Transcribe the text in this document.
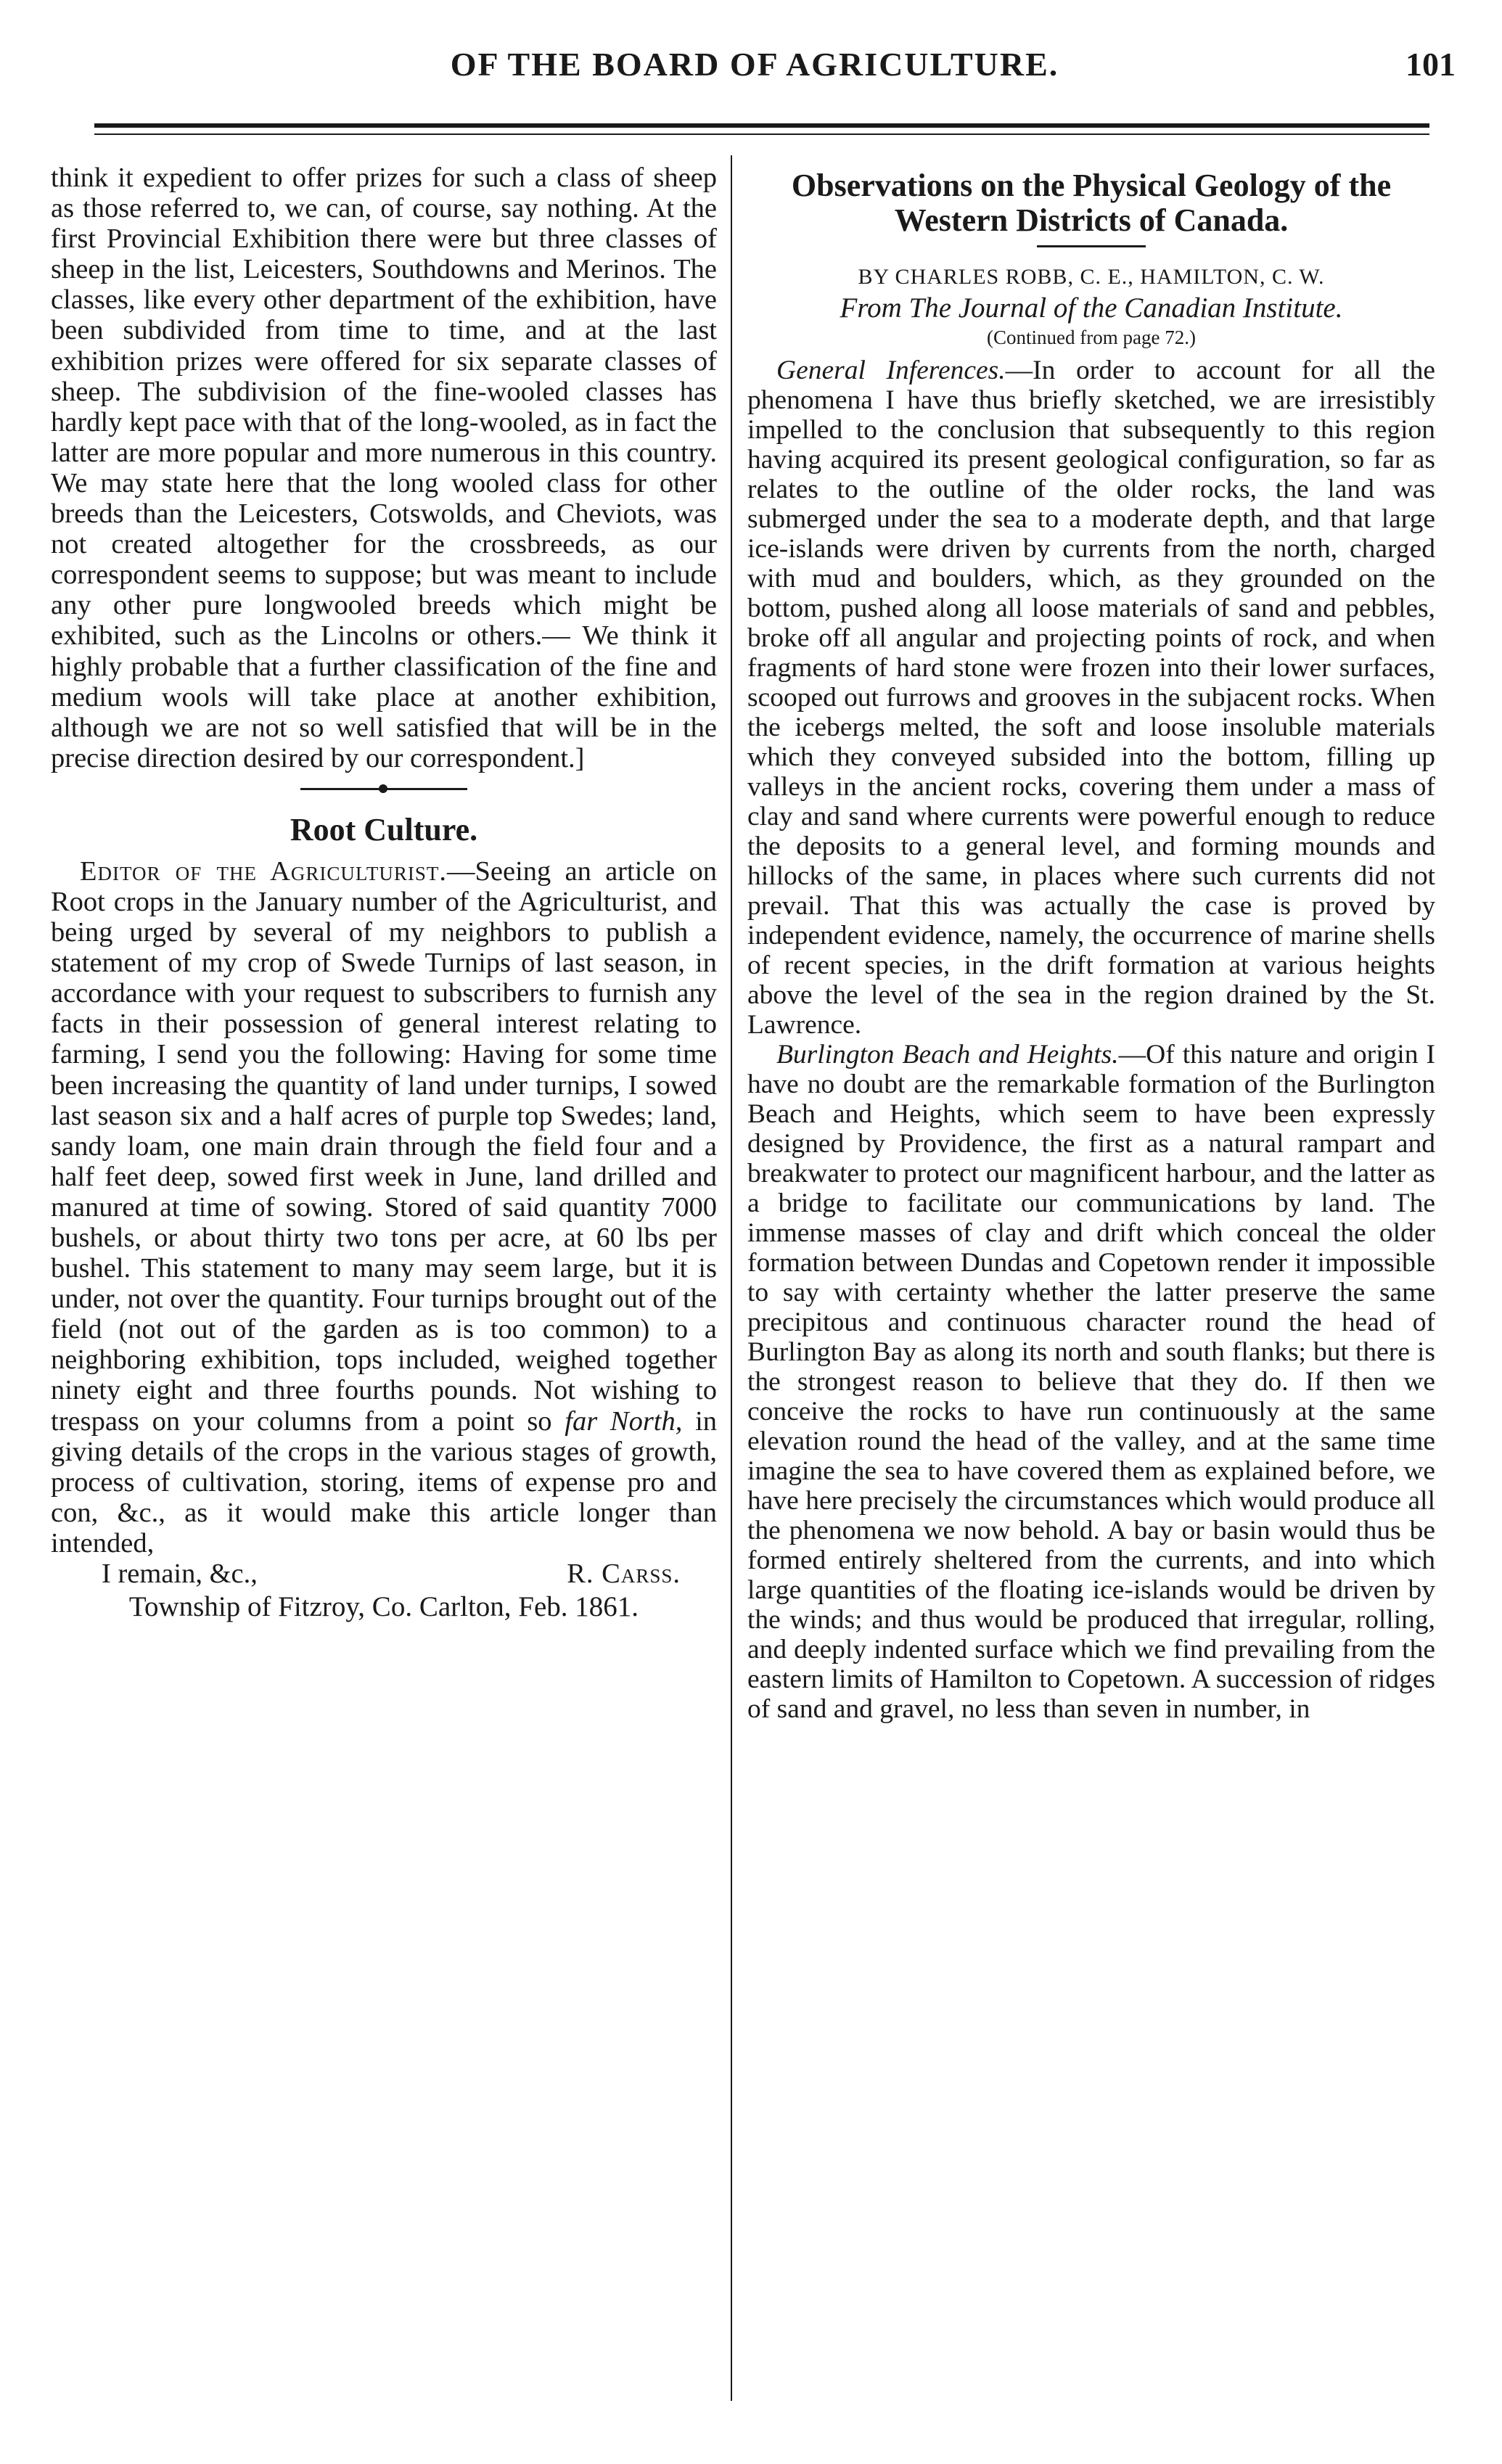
OF THE BOARD OF AGRICULTURE.	101

think it expedient to offer prizes for such a class of sheep as those referred to, we can, of course, say nothing. At the first Provincial Exhibition there were but three classes of sheep in the list, Leicesters, Southdowns and Merinos. The classes, like every other department of the exhibition, have been subdivided from time to time, and at the last exhibition prizes were offered for six separate classes of sheep. The subdivision of the fine-wooled classes has hardly kept pace with that of the long-wooled, as in fact the latter are more popular and more numerous in this country. We may state here that the long wooled class for other breeds than the Leicesters, Cotswolds, and Cheviots, was not created altogether for the crossbreeds, as our correspondent seems to suppose; but was meant to include any other pure longwooled breeds which might be exhibited, such as the Lincolns or others.— We think it highly probable that a further classification of the fine and medium wools will take place at another exhibition, although we are not so well satisfied that will be in the precise direction desired by our correspondent.]

Root Culture.

Editor of the Agriculturist.—Seeing an article on Root crops in the January number of the Agriculturist, and being urged by several of my neighbors to publish a statement of my crop of Swede Turnips of last season, in accordance with your request to subscribers to furnish any facts in their possession of general interest relating to farming, I send you the following: Having for some time been increasing the quantity of land under turnips, I sowed last season six and a half acres of purple top Swedes; land, sandy loam, one main drain through the field four and a half feet deep, sowed first week in June, land drilled and manured at time of sowing. Stored of said quantity 7000 bushels, or about thirty two tons per acre, at 60 lbs per bushel. This statement to many may seem large, but it is under, not over the quantity. Four turnips brought out of the field (not out of the garden as is too common) to a neighboring exhibition, tops included, weighed together ninety eight and three fourths pounds. Not wishing to trespass on your columns from a point so far North, in giving details of the crops in the various stages of growth, process of cultivation, storing, items of expense pro and con, &c., as it would make this article longer than intended,

I remain, &c.,	R. Carss.
Township of Fitzroy, Co. Carlton, Feb. 1861.
Observations on the Physical Geology of the Western Districts of Canada.
BY CHARLES ROBB, C. E., HAMILTON, C. W.
From The Journal of the Canadian Institute.
(Continued from page 72.)

General Inferences.—In order to account for all the phenomena I have thus briefly sketched, we are irresistibly impelled to the conclusion that subsequently to this region having acquired its present geological configuration, so far as relates to the outline of the older rocks, the land was submerged under the sea to a moderate depth, and that large ice-islands were driven by currents from the north, charged with mud and boulders, which, as they grounded on the bottom, pushed along all loose materials of sand and pebbles, broke off all angular and projecting points of rock, and when fragments of hard stone were frozen into their lower surfaces, scooped out furrows and grooves in the subjacent rocks. When the icebergs melted, the soft and loose insoluble materials which they conveyed subsided into the bottom, filling up valleys in the ancient rocks, covering them under a mass of clay and sand where currents were powerful enough to reduce the deposits to a general level, and forming mounds and hillocks of the same, in places where such currents did not prevail. That this was actually the case is proved by independent evidence, namely, the occurrence of marine shells of recent species, in the drift formation at various heights above the level of the sea in the region drained by the St. Lawrence.

Burlington Beach and Heights.—Of this nature and origin I have no doubt are the remarkable formation of the Burlington Beach and Heights, which seem to have been expressly designed by Providence, the first as a natural rampart and breakwater to protect our magnificent harbour, and the latter as a bridge to facilitate our communications by land. The immense masses of clay and drift which conceal the older formation between Dundas and Copetown render it impossible to say with certainty whether the latter preserve the same precipitous and continuous character round the head of Burlington Bay as along its north and south flanks; but there is the strongest reason to believe that they do. If then we conceive the rocks to have run continuously at the same elevation round the head of the valley, and at the same time imagine the sea to have covered them as explained before, we have here precisely the circumstances which would produce all the phenomena we now behold. A bay or basin would thus be formed entirely sheltered from the currents, and into which large quantities of the floating ice-islands would be driven by the winds; and thus would be produced that irregular, rolling, and deeply indented surface which we find prevailing from the eastern limits of Hamilton to Copetown. A succession of ridges of sand and gravel, no less than seven in number, in
